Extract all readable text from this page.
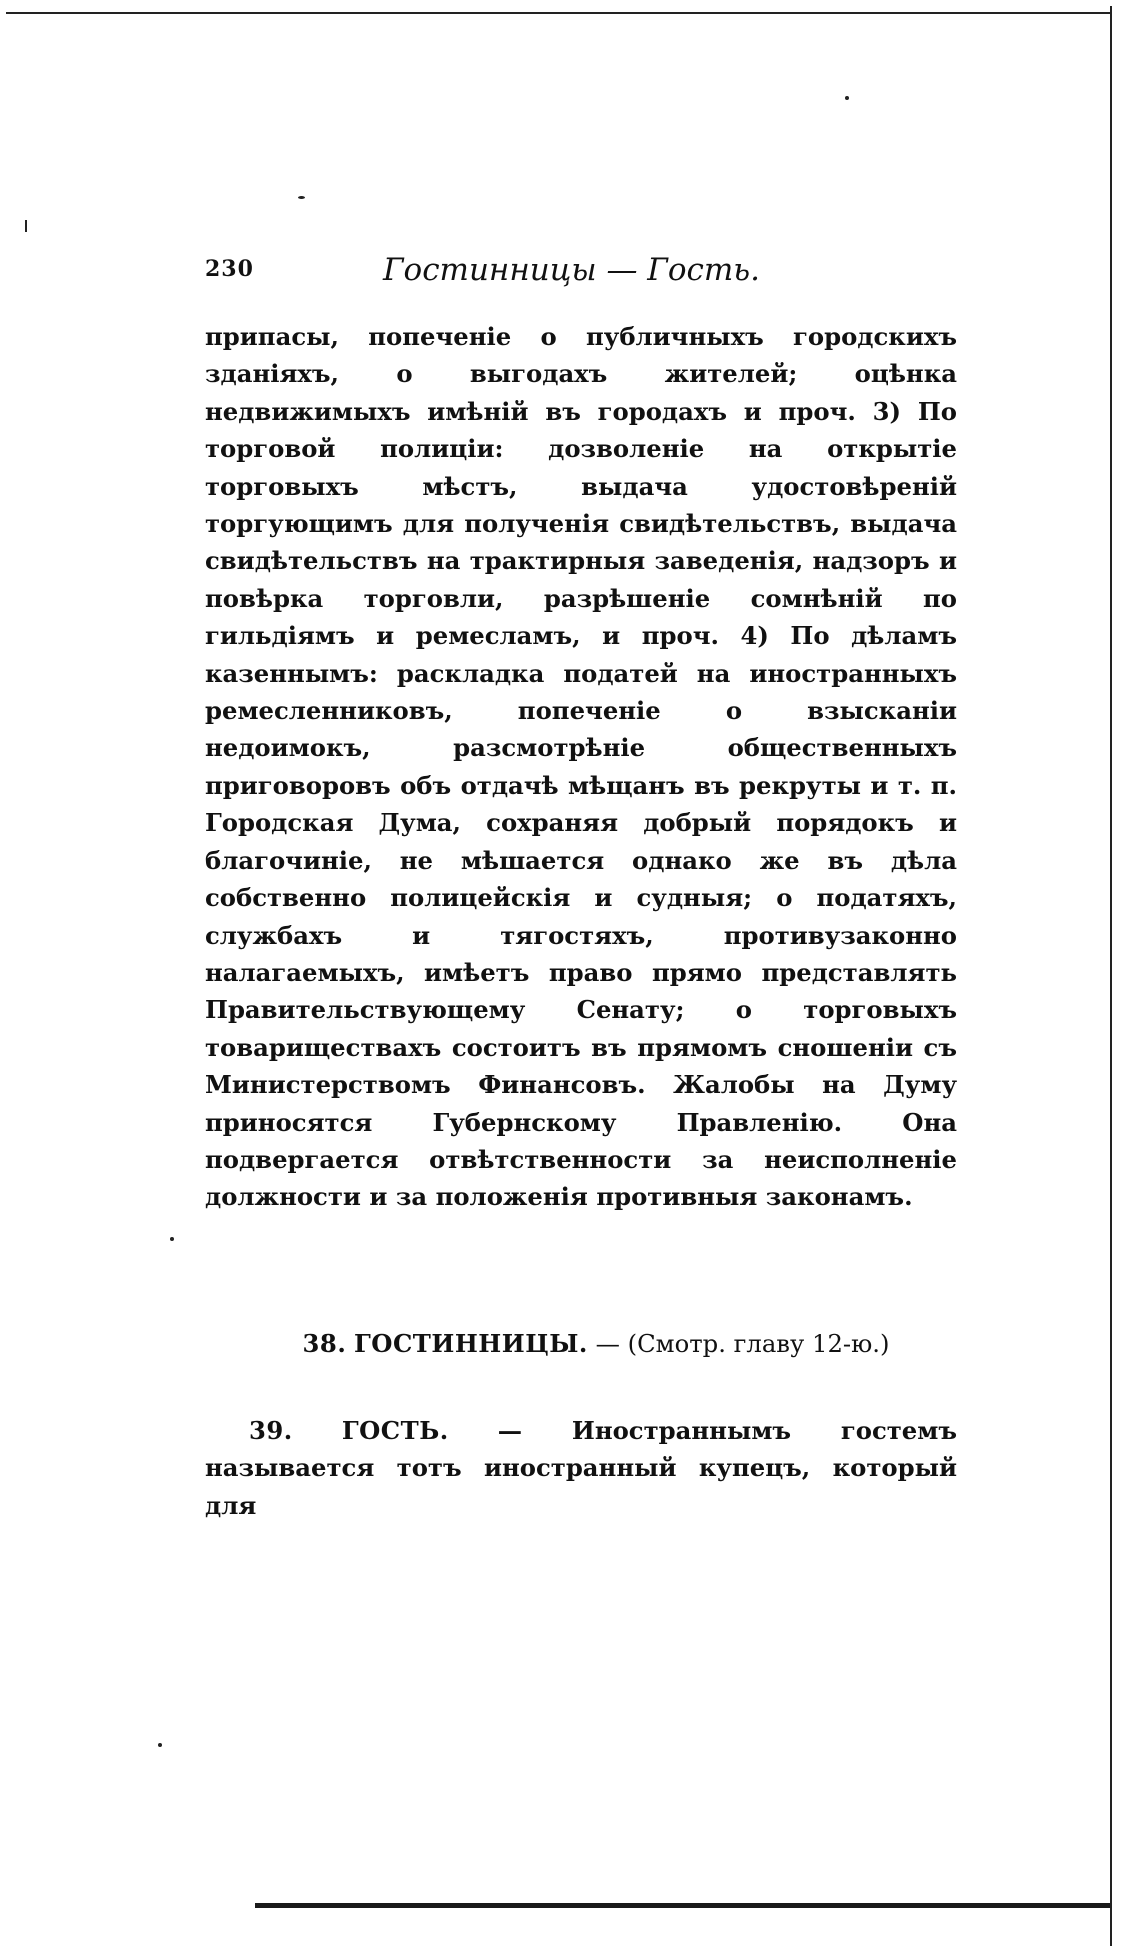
230	Гостинницы — Гость.

припасы, попеченіе о публичныхъ городскихъ зданіяхъ, о выгодахъ жителей; оцѣнка недвижимыхъ имѣній въ городахъ и проч. 3) По торговой полиціи: дозволеніе на открытіе торговыхъ мѣстъ, выдача удостовѣреній торгующимъ для полученія свидѣтельствъ, выдача свидѣтельствъ на трактирныя заведенія, надзоръ и повѣрка торговли, разрѣшеніе сомнѣній по гильдіямъ и ремесламъ, и проч. 4) По дѣламъ казеннымъ: раскладка податей на иностранныхъ ремесленниковъ, попеченіе о взысканіи недоимокъ, разсмотрѣніе общественныхъ приговоровъ объ отдачѣ мѣщанъ въ рекруты и т. п. Городская Дума, сохраняя добрый порядокъ и благочиніе, не мѣшается однако же въ дѣла собственно полицейскія и судныя; о податяхъ, службахъ и тягостяхъ, противузаконно налагаемыхъ, имѣетъ право прямо представлять Правительствующему Сенату; о торговыхъ товариществахъ состоитъ въ прямомъ сношеніи съ Министерствомъ Финансовъ. Жалобы на Думу приносятся Губернскому Правленію. Она подвергается отвѣтственности за неисполненіе должности и за положенія противныя законамъ.

38. ГОСТИННИЦЫ. — (Смотр. главу 12-ю.)

39. ГОСТЬ. — Иностраннымъ гостемъ называется тотъ иностранный купецъ, который для
